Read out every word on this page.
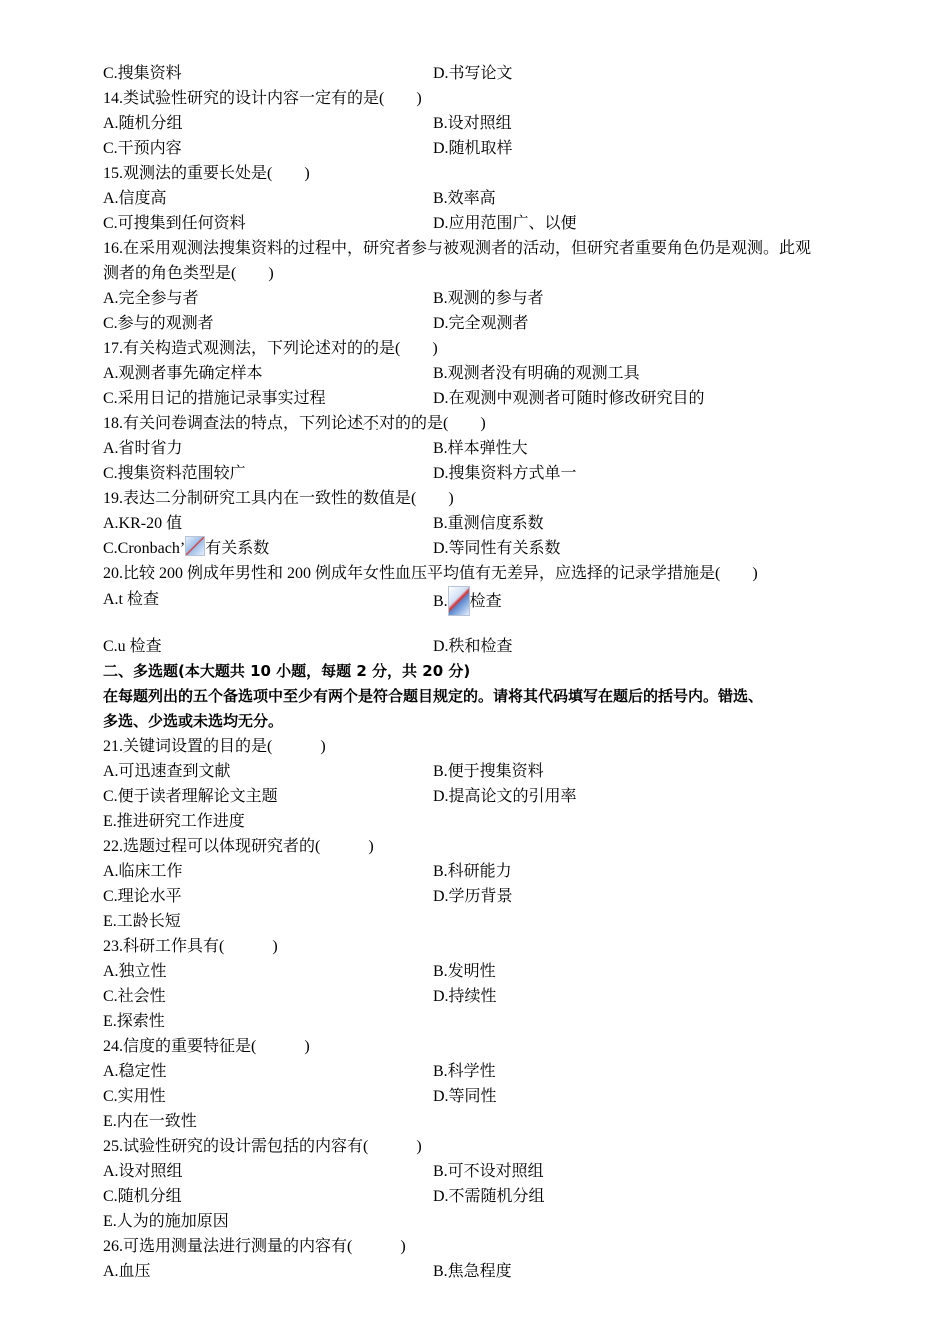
C.搜集资料	D.书写论文
14.类试验性研究的设计内容一定有的是(　　)
A.随机分组	B.设对照组
C.干预内容	D.随机取样
15.观测法的重要长处是(　　)
A.信度高	B.效率高
C.可搜集到任何资料	D.应用范围广、以便
16.在采用观测法搜集资料的过程中，研究者参与被观测者的活动，但研究者重要角色仍是观测。此观
测者的角色类型是(　　)
A.完全参与者	B.观测的参与者
C.参与的观测者	D.完全观测者
17.有关构造式观测法，下列论述对的的是(　　)
A.观测者事先确定样本	B.观测者没有明确的观测工具
C.采用日记的措施记录事实过程	D.在观测中观测者可随时修改研究目的
18.有关问卷调查法的特点，下列论述不对的 · · ·的是(　　)
A.省时省力	B.样本弹性大
C.搜集资料范围较广	D.搜集资料方式单一
19.表达二分制研究工具内在一致性的数值是(　　)
A.KR-20 值	B.重测信度系数
C.Cronbach’ 有关系数	D.等同性有关系数
20.比较 200 例成年男性和 200 例成年女性血压平均值有无差异，应选择的记录学措施是(　　)
A.t 检查	B. 检查
C.u 检查	D.秩和检查
二、多选题(本大题共 10 小题，每题 2 分，共 20 分)
在每题列出的五个备选项中至少有两个是符合题目规定的。请将其代码填写在题后的括号内。错选、
多选、少选或未选均无分。
21.关键词设置的目的是(　　　)
A.可迅速查到文献	B.便于搜集资料
C.便于读者理解论文主题	D.提高论文的引用率
E.推进研究工作进度
22.选题过程可以体现研究者的(　　　)
A.临床工作	B.科研能力
C.理论水平	D.学历背景
E.工龄长短
23.科研工作具有(　　　)
A.独立性	B.发明性
C.社会性	D.持续性
E.探索性
24.信度的重要特征是(　　　)
A.稳定性	B.科学性
C.实用性	D.等同性
E.内在一致性
25.试验性研究的设计需包括的内容有(　　　)
A.设对照组	B.可不设对照组
C.随机分组	D.不需随机分组
E.人为的施加原因
26.可选用测量法进行测量的内容有(　　　)
A.血压	B.焦急程度
